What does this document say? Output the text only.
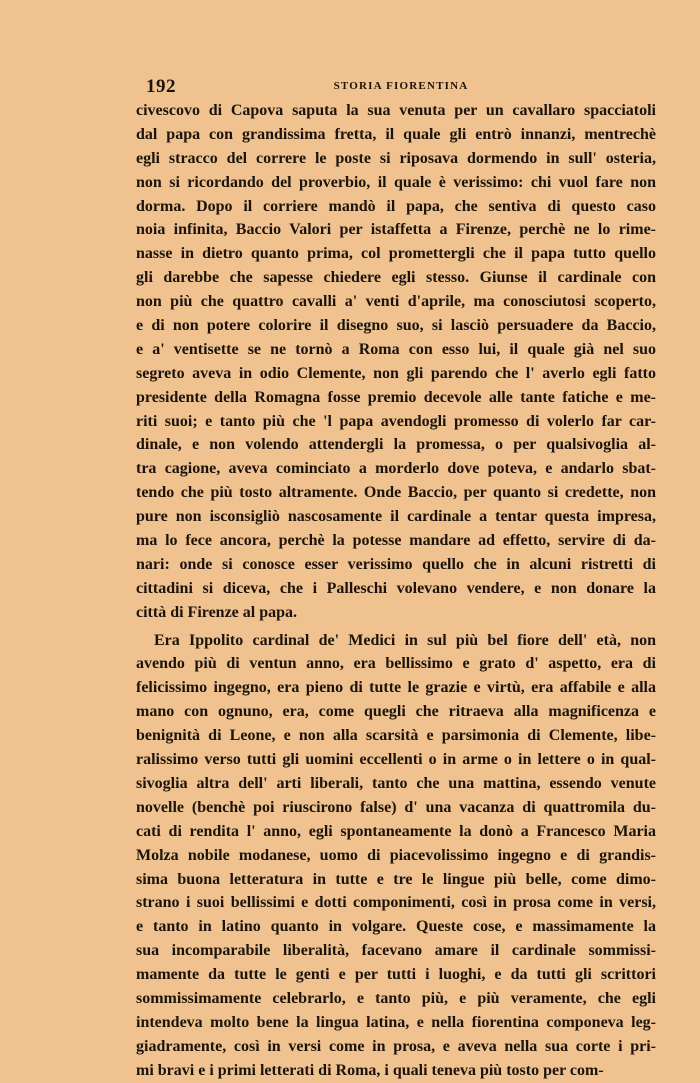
192	STORIA FIORENTINA
civescovo di Capova saputa la sua venuta per un cavallaro spacciatoli
dal papa con grandissima fretta, il quale gli entrò innanzi, mentrechè
egli stracco del correre le poste si riposava dormendo in sull' osteria,
non si ricordando del proverbio, il quale è verissimo: chi vuol fare non
dorma. Dopo il corriere mandò il papa, che sentiva di questo caso
noia infinita, Baccio Valori per istaffetta a Firenze, perchè ne lo rime-
nasse in dietro quanto prima, col promettergli che il papa tutto quello
gli darebbe che sapesse chiedere egli stesso. Giunse il cardinale con
non più che quattro cavalli a' venti d'aprile, ma conosciutosi scoperto,
e di non potere colorire il disegno suo, si lasciò persuadere da Baccio,
e a' ventisette se ne tornò a Roma con esso lui, il quale già nel suo
segreto aveva in odio Clemente, non gli parendo che l' averlo egli fatto
presidente della Romagna fosse premio decevole alle tante fatiche e me-
riti suoi; e tanto più che 'l papa avendogli promesso di volerlo far car-
dinale, e non volendo attendergli la promessa, o per qualsivoglia al-
tra cagione, aveva cominciato a morderlo dove poteva, e andarlo sbat-
tendo che più tosto altramente. Onde Baccio, per quanto si credette, non
pure non isconsigliò nascosamente il cardinale a tentar questa impresa,
ma lo fece ancora, perchè la potesse mandare ad effetto, servire di da-
nari: onde si conosce esser verissimo quello che in alcuni ristretti di
cittadini si diceva, che i Palleschi volevano vendere, e non donare la
città di Firenze al papa.
Era Ippolito cardinal de' Medici in sul più bel fiore dell' età, non
avendo più di ventun anno, era bellissimo e grato d' aspetto, era di
felicissimo ingegno, era pieno di tutte le grazie e virtù, era affabile e alla
mano con ognuno, era, come quegli che ritraeva alla magnificenza e
benignità di Leone, e non alla scarsità e parsimonia di Clemente, libe-
ralissimo verso tutti gli uomini eccellenti o in arme o in lettere o in qual-
sivoglia altra dell' arti liberali, tanto che una mattina, essendo venute
novelle (benchè poi riuscirono false) d' una vacanza di quattromila du-
cati di rendita l' anno, egli spontaneamente la donò a Francesco Maria
Molza nobile modanese, uomo di piacevolissimo ingegno e di grandis-
sima buona letteratura in tutte e tre le lingue più belle, come dimo-
strano i suoi bellissimi e dotti componimenti, così in prosa come in versi,
e tanto in latino quanto in volgare. Queste cose, e massimamente la
sua incomparabile liberalità, facevano amare il cardinale sommissi-
mamente da tutte le genti e per tutti i luoghi, e da tutti gli scrittori
sommissimamente celebrarlo, e tanto più, e più veramente, che egli
intendeva molto bene la lingua latina, e nella fiorentina componeva leg-
giadramente, così in versi come in prosa, e aveva nella sua corte i pri-
mi bravi e i primi letterati di Roma, i quali teneva più tosto per com-
